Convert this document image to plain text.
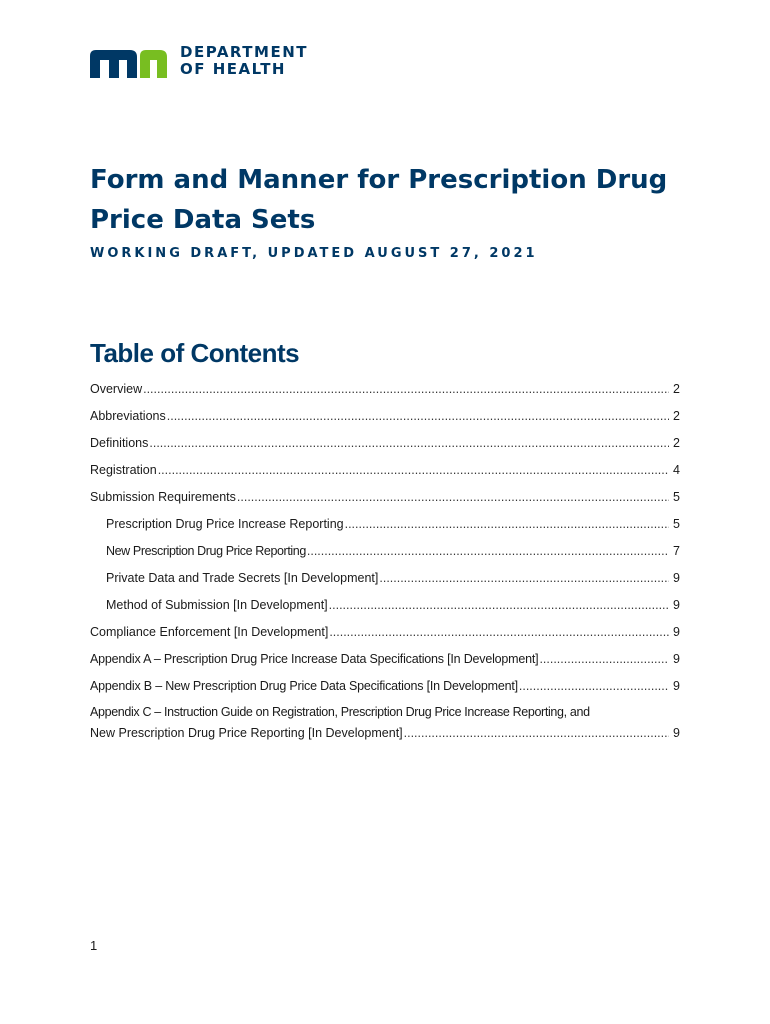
DEPARTMENT
OF HEALTH
Form and Manner for Prescription Drug Price Data Sets
WORKING DRAFT, UPDATED AUGUST 27, 2021
Table of Contents
Overview .....	2
Abbreviations .....	2
Definitions .....	2
Registration .....	4
Submission Requirements .....	5
Prescription Drug Price Increase Reporting .....	5
New Prescription Drug Price Reporting .....	7
Private Data and Trade Secrets [In Development] .....	9
Method of Submission [In Development] .....	9
Compliance Enforcement [In Development] .....	9
Appendix A – Prescription Drug Price Increase Data Specifications [In Development] .....	9
Appendix B – New Prescription Drug Price Data Specifications [In Development] .....	9
Appendix C – Instruction Guide on Registration, Prescription Drug Price Increase Reporting, and
New Prescription Drug Price Reporting [In Development] .....	9
1
